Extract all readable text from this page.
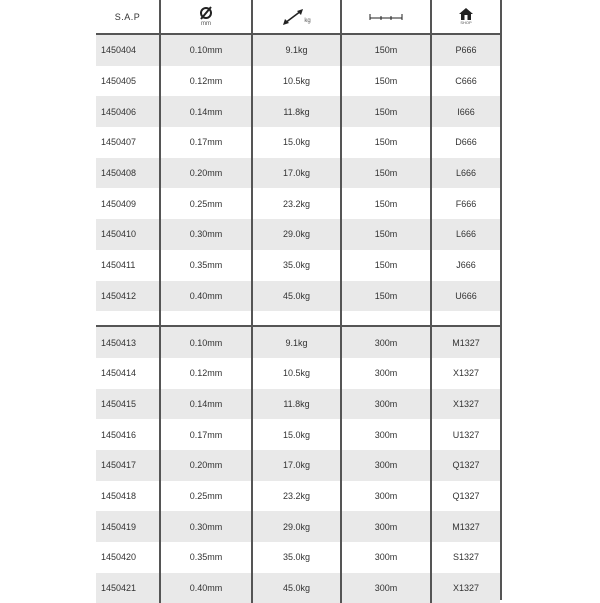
S.A.P	mm	kg		SHOP

1450404	0.10mm	9.1kg	150m	P666
1450405	0.12mm	10.5kg	150m	C666
1450406	0.14mm	11.8kg	150m	I666
1450407	0.17mm	15.0kg	150m	D666
1450408	0.20mm	17.0kg	150m	L666
1450409	0.25mm	23.2kg	150m	F666
1450410	0.30mm	29.0kg	150m	L666
1450411	0.35mm	35.0kg	150m	J666
1450412	0.40mm	45.0kg	150m	U666

1450413	0.10mm	9.1kg	300m	M1327
1450414	0.12mm	10.5kg	300m	X1327
1450415	0.14mm	11.8kg	300m	X1327
1450416	0.17mm	15.0kg	300m	U1327
1450417	0.20mm	17.0kg	300m	Q1327
1450418	0.25mm	23.2kg	300m	Q1327
1450419	0.30mm	29.0kg	300m	M1327
1450420	0.35mm	35.0kg	300m	S1327
1450421	0.40mm	45.0kg	300m	X1327
